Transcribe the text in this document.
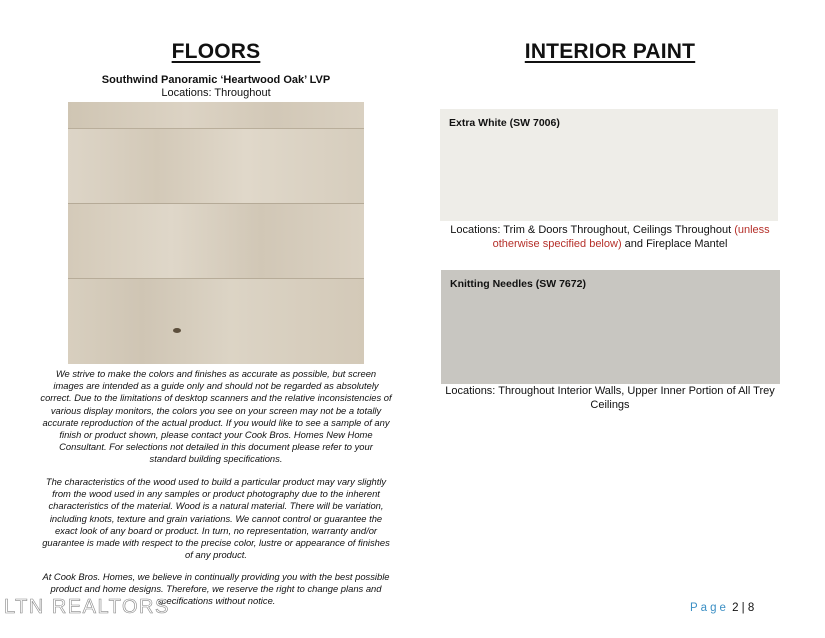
FLOORS	INTERIOR PAINT
Southwind Panoramic ‘Heartwood Oak’ LVP
Locations: Throughout
We strive to make the colors and finishes as accurate as possible, but screen images are intended as a guide only and should not be regarded as absolutely correct. Due to the limitations of desktop scanners and the relative inconsistencies of various display monitors, the colors you see on your screen may not be a totally accurate reproduction of the actual product. If you would like to see a sample of any finish or product shown, please contact your Cook Bros. Homes New Home Consultant. For selections not detailed in this document please refer to your standard building specifications.
The characteristics of the wood used to build a particular product may vary slightly from the wood used in any samples or product photography due to the inherent characteristics of the material. Wood is a natural material. There will be variation, including knots, texture and grain variations. We cannot control or guarantee the exact look of any board or product. In turn, no representation, warranty and/or guarantee is made with respect to the precise color, lustre or appearance of finishes of any product.
At Cook Bros. Homes, we believe in continually providing you with the best possible product and home designs. Therefore, we reserve the right to change plans and specifications without notice.
Extra White (SW 7006)
Locations: Trim & Doors Throughout, Ceilings Throughout (unless otherwise specified below) and Fireplace Mantel
Knitting Needles (SW 7672)
Locations: Throughout Interior Walls, Upper Inner Portion of All Trey Ceilings
LTN REALTORS	Page 2 | 8
